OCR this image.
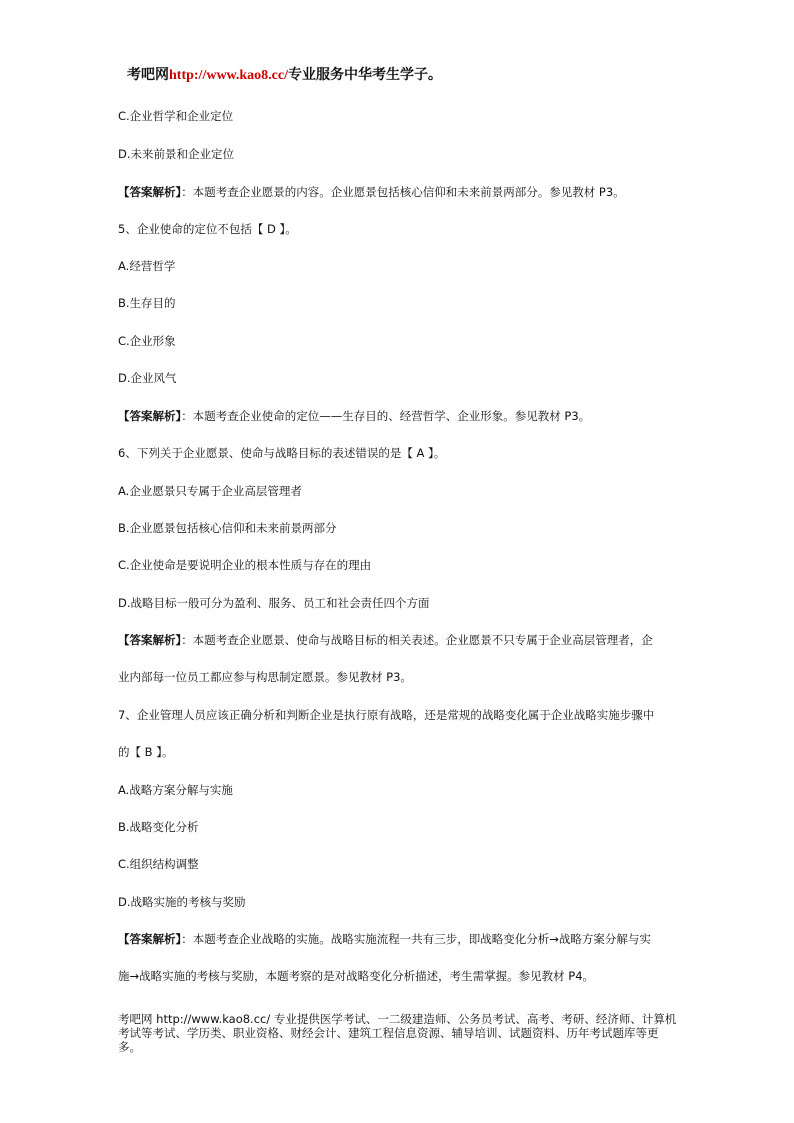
考吧网http://www.kao8.cc/专业服务中华考生学子。
C.企业哲学和企业定位
D.未来前景和企业定位
【答案解析】：本题考查企业愿景的内容。企业愿景包括核心信仰和未来前景两部分。参见教材 P3。
5、企业使命的定位不包括【 D 】。
A.经营哲学
B.生存目的
C.企业形象
D.企业风气
【答案解析】：本题考查企业使命的定位——生存目的、经营哲学、企业形象。参见教材 P3。
6、下列关于企业愿景、使命与战略目标的表述错误的是【 A 】。
A.企业愿景只专属于企业高层管理者
B.企业愿景包括核心信仰和未来前景两部分
C.企业使命是要说明企业的根本性质与存在的理由
D.战略目标一般可分为盈利、服务、员工和社会责任四个方面
【答案解析】：本题考查企业愿景、使命与战略目标的相关表述。企业愿景不只专属于企业高层管理者，企
业内部每一位员工都应参与构思制定愿景。参见教材 P3。
7、企业管理人员应该正确分析和判断企业是执行原有战略，还是常规的战略变化属于企业战略实施步骤中
的【 B 】。
A.战略方案分解与实施
B.战略变化分析
C.组织结构调整
D.战略实施的考核与奖励
【答案解析】：本题考查企业战略的实施。战略实施流程一共有三步，即战略变化分析→战略方案分解与实
施→战略实施的考核与奖励，本题考察的是对战略变化分析描述，考生需掌握。参见教材 P4。
考吧网 http://www.kao8.cc/ 专业提供医学考试、一二级建造师、公务员考试、高考、考研、经济师、计算机考试等考试、学历类、职业资格、财经会计、建筑工程信息资源、辅导培训、试题资料、历年考试题库等更多。
